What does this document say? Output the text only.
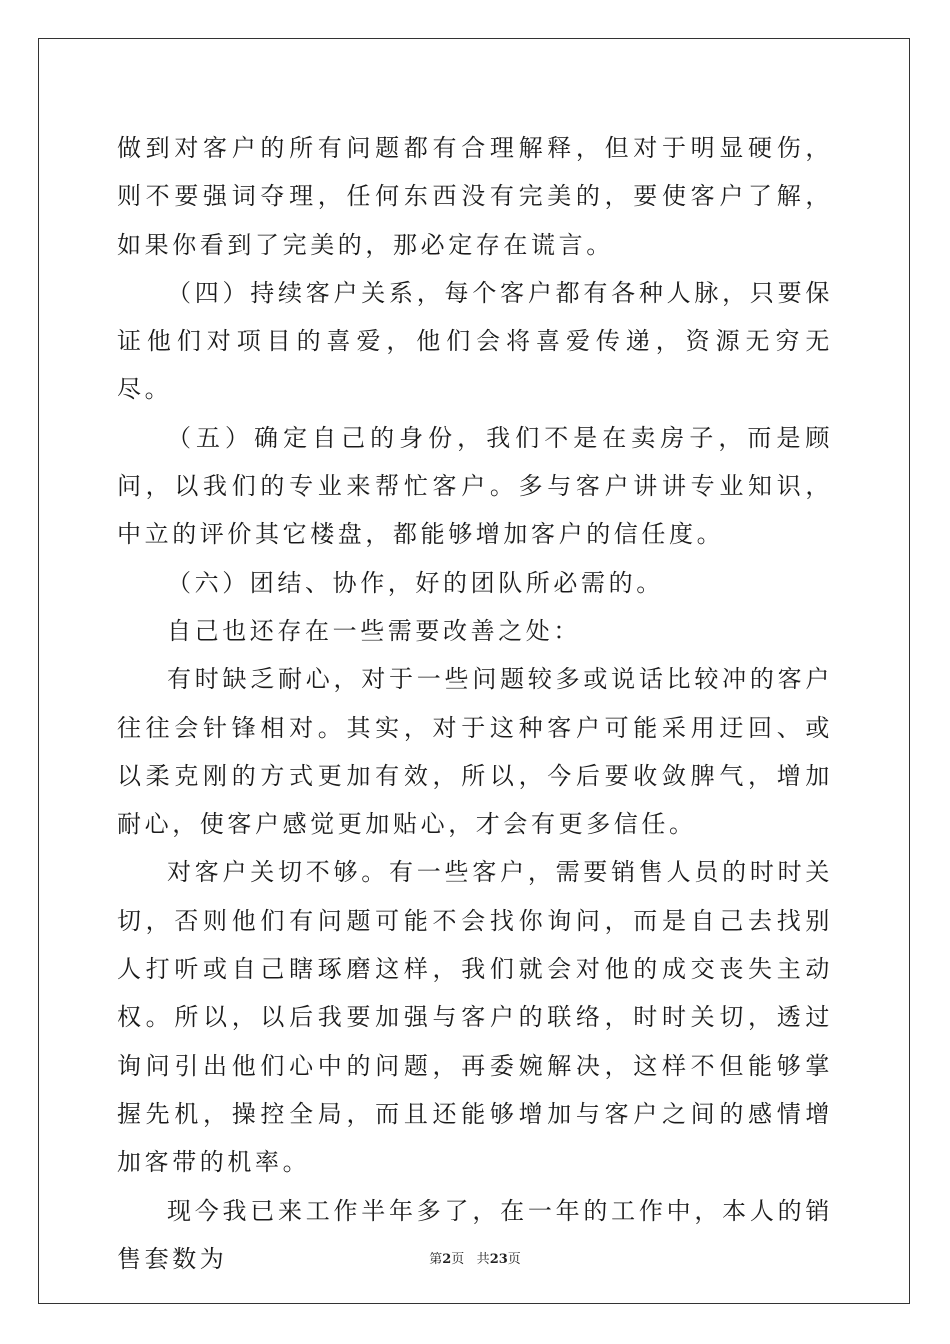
做到对客户的所有问题都有合理解释，但对于明显硬伤，则不要强词夺理，任何东西没有完美的，要使客户了解，如果你看到了完美的，那必定存在谎言。

（四）持续客户关系，每个客户都有各种人脉，只要保证他们对项目的喜爱，他们会将喜爱传递，资源无穷无尽。

（五）确定自己的身份，我们不是在卖房子，而是顾问，以我们的专业来帮忙客户。多与客户讲讲专业知识，中立的评价其它楼盘，都能够增加客户的信任度。

（六）团结、协作，好的团队所必需的。

自己也还存在一些需要改善之处：

有时缺乏耐心，对于一些问题较多或说话比较冲的客户往往会针锋相对。其实，对于这种客户可能采用迂回、或以柔克刚的方式更加有效，所以，今后要收敛脾气，增加耐心，使客户感觉更加贴心，才会有更多信任。

对客户关切不够。有一些客户，需要销售人员的时时关切，否则他们有问题可能不会找你询问，而是自己去找别人打听或自己瞎琢磨这样，我们就会对他的成交丧失主动权。所以，以后我要加强与客户的联络，时时关切，透过询问引出他们心中的问题，再委婉解决，这样不但能够掌握先机，操控全局，而且还能够增加与客户之间的感情增加客带的机率。

现今我已来工作半年多了，在一年的工作中，本人的销售套数为	第2页 共23页
